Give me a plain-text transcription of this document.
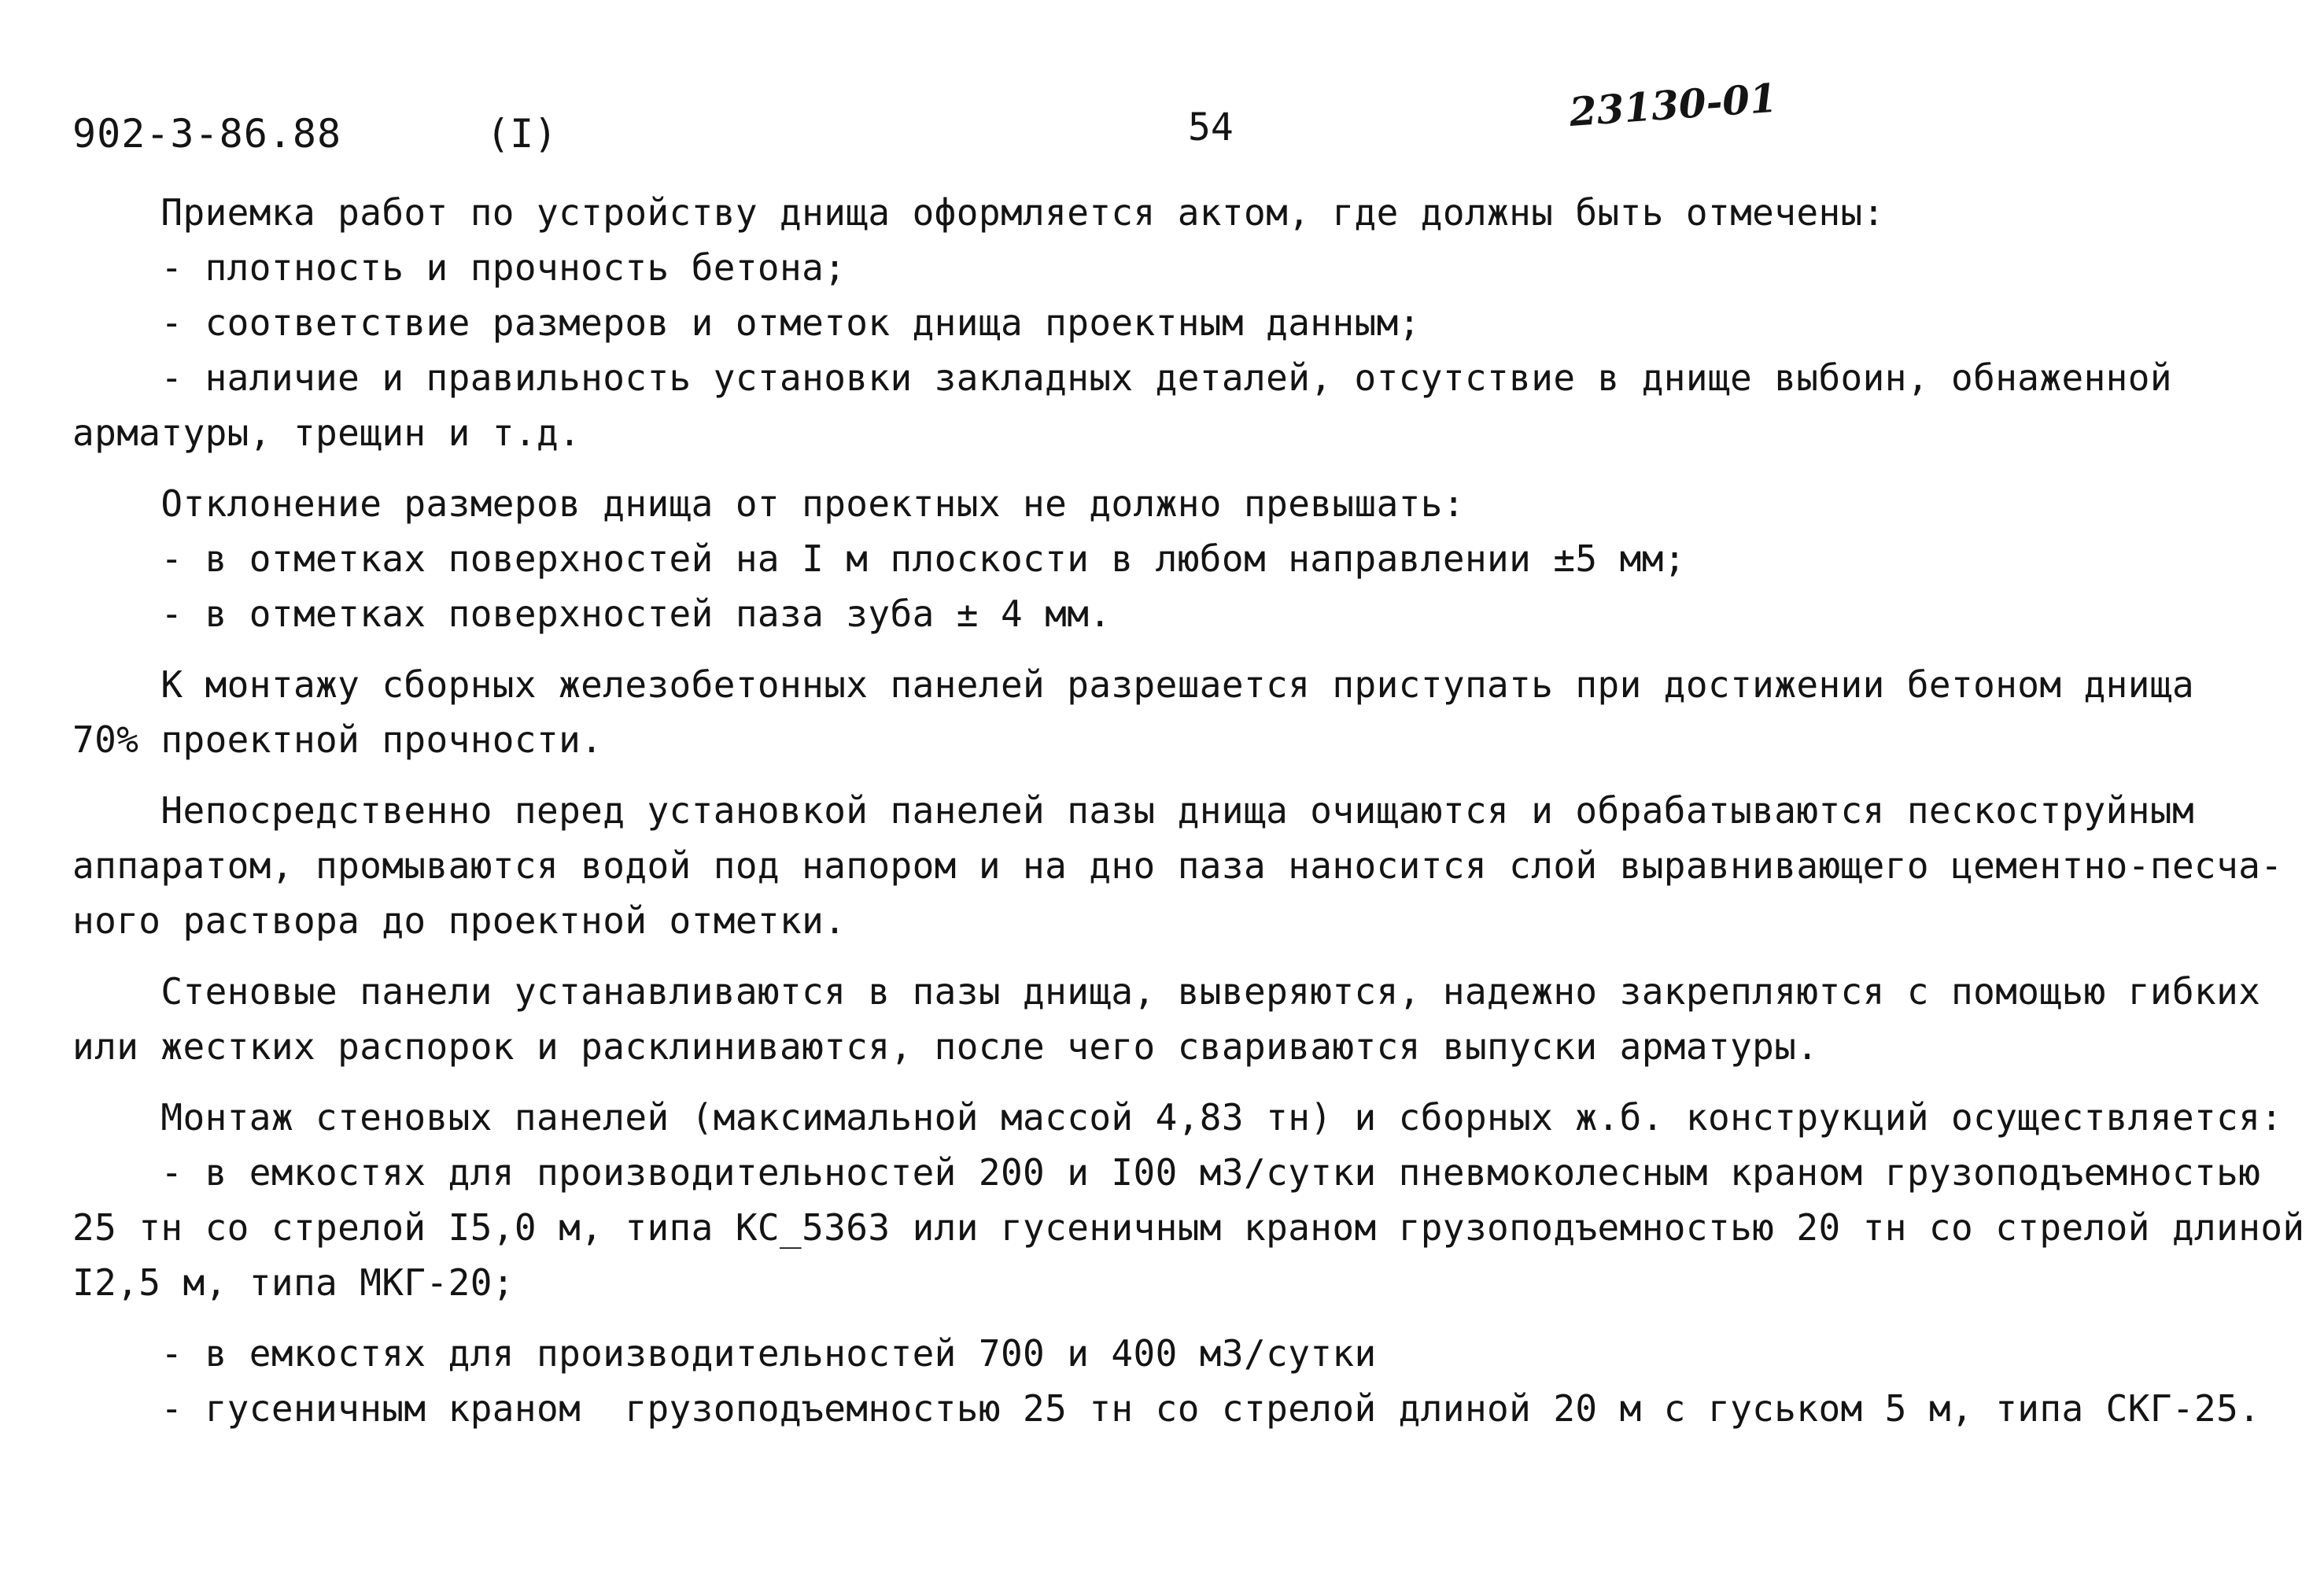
902-3-86.88	(I)	54	23130-01

Приемка работ по устройству днища оформляется актом, где должны быть отмечены:

- плотность и прочность бетона;

- соответствие размеров и отметок днища проектным данным;

- наличие и правильность установки закладных деталей, отсутствие в днище выбоин, обнаженной

арматуры, трещин и т.д.

Отклонение размеров днища от проектных не должно превышать:

- в отметках поверхностей на I м плоскости в любом направлении ±5 мм;

- в отметках поверхностей паза зуба ± 4 мм.

К монтажу сборных железобетонных панелей разрешается приступать при достижении бетоном днища

70% проектной прочности.

Непосредственно перед установкой панелей пазы днища очищаются и обрабатываются пескоструйным

аппаратом, промываются водой под напором и на дно паза наносится слой выравнивающего цементно-песча-

ного раствора до проектной отметки.

Стеновые панели устанавливаются в пазы днища, выверяются, надежно закрепляются с помощью гибких

или жестких распорок и расклиниваются, после чего свариваются выпуски арматуры.

Монтаж стеновых панелей (максимальной массой 4,83 тн) и сборных ж.б. конструкций осуществляется:

- в емкостях для производительностей 200 и I00 м3/сутки пневмоколесным краном грузоподъемностью

25 тн со стрелой I5,0 м, типа КС_5363 или гусеничным краном грузоподъемностью 20 тн со стрелой длиной

I2,5 м, типа МКГ-20;

- в емкостях для производительностей 700 и 400 м3/сутки

- гусеничным краном  грузоподъемностью 25 тн со стрелой длиной 20 м с гуськом 5 м, типа СКГ-25.
